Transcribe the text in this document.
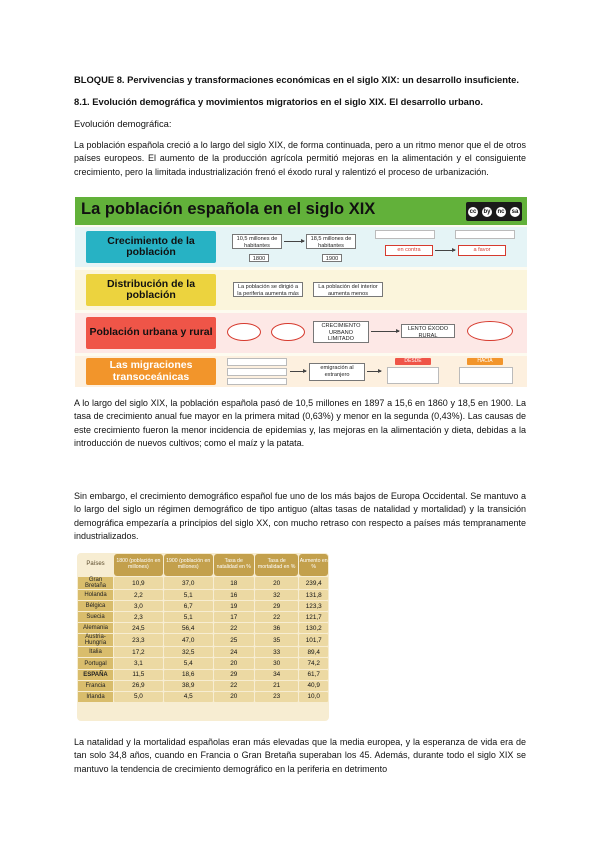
BLOQUE 8. Pervivencias y transformaciones económicas en el siglo XIX: un desarrollo insuficiente.
8.1. Evolución demográfica y movimientos migratorios en el siglo XIX. El desarrollo urbano.
Evolución demográfica:
La población española creció a lo largo del siglo XIX, de forma continuada, pero a un ritmo menor que el de otros países europeos. El aumento de la producción agrícola permitió mejoras en la alimentación y el consiguiente crecimiento, pero la limitada industrialización frenó el éxodo rural y ralentizó el proceso de urbanización.
La población española en el siglo XIX	cc by nc sa
Crecimiento de la población
10,5 millones de habitantes
18,5 millones de habitantes
1800	1900
en contra	a favor
Distribución de la población
La población se dirigió a la periferia aumenta más
La población del interior aumenta menos
Población urbana y rural
CRECIMIENTO URBANO LIMITADO
LENTO ÉXODO RURAL
Las migraciones transoceánicas
emigración al extranjero
DESDE	HACIA
A lo largo del siglo XIX, la población española pasó de 10,5 millones en 1897 a 15,6 en 1860 y 18,5 en 1900. La tasa de crecimiento anual fue mayor en la primera mitad (0,63%) y menor en la segunda (0,43%). Las causas de este crecimiento fueron la menor incidencia de epidemias y, las mejoras en la alimentación y dieta, debidas a la introducción de nuevos cultivos; como el maíz y la patata.
Sin embargo, el crecimiento demográfico español fue uno de los más bajos de Europa Occidental. Se mantuvo a lo largo del siglo un régimen demográfico de tipo antiguo (altas tasas de natalidad y mortalidad) y la transición demográfica empezaría a principios del siglo XX, con mucho retraso con respecto a países más tempranamente industrializados.
Países	1800 (población en millones)	1900 (población en millones)	Tasa de natalidad en %	Tasa de mortalidad en %	Aumento en %
Gran Bretaña	10,9	37,0	18	20	239,4
Holanda	2,2	5,1	16	32	131,8
Bélgica	3,0	6,7	19	29	123,3
Suecia	2,3	5,1	17	22	121,7
Alemania	24,5	56,4	22	36	130,2
Austria-Hungría	23,3	47,0	25	35	101,7
Italia	17,2	32,5	24	33	89,4
Portugal	3,1	5,4	20	30	74,2
ESPAÑA	11,5	18,6	29	34	61,7
Francia	26,9	38,9	22	21	40,9
Irlanda	5,0	4,5	20	23	10,0
La natalidad y la mortalidad españolas eran más elevadas que la media europea, y la esperanza de vida era de tan solo 34,8 años, cuando en Francia o Gran Bretaña superaban los 45. Además, durante todo el siglo XIX se mantuvo la tendencia de crecimiento demográfico en la periferia en detrimento
